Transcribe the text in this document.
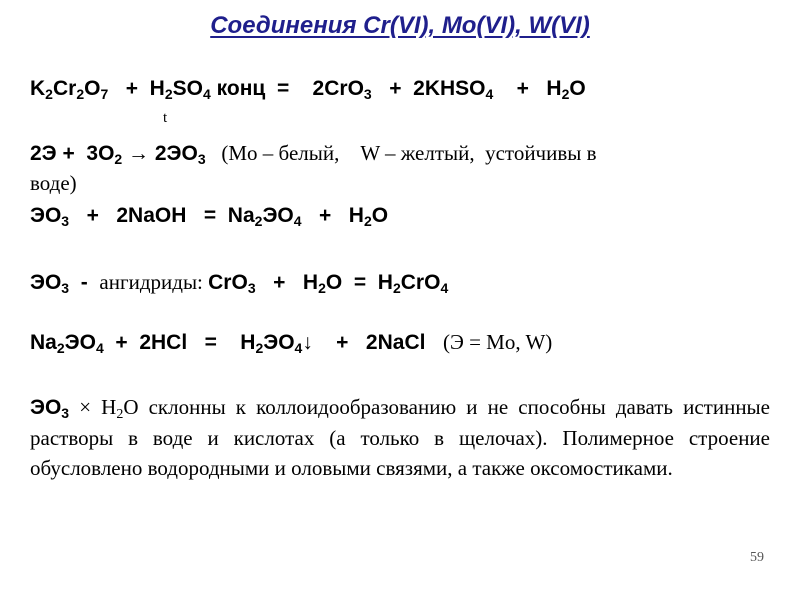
Соединения Cr(VI), Mo(VI), W(VI)
$K_2Cr_2O_7 + H_2SO_4$ конц  =    $2CrO_3 + 2KHSO_4$    +   $H_2O$
t
$2Э + 3O_2 \to 2ЭO_3$   (Mo – белый,    W – желтый,  устойчивы в
воде)
$ЭO_3$   +   2NaOH   =  $Na_2ЭO_4 + H_2O$
$ЭO_3$  -  ангидриды: $CrO_3 + H_2O = H_2CrO_4$
$Na_2ЭO_4 + 2HCl$   =    $H_2ЭO_4↓$    +   2NaCl   (Э = Mo, W)
$ЭO_3 \times H_2O$ склонны к коллоидообразованию и не способны давать истинные растворы в воде и кислотах (а только в щелочах). Полимерное строение обусловлено водородными и оловыми связями, а также оксомостиками.
59
